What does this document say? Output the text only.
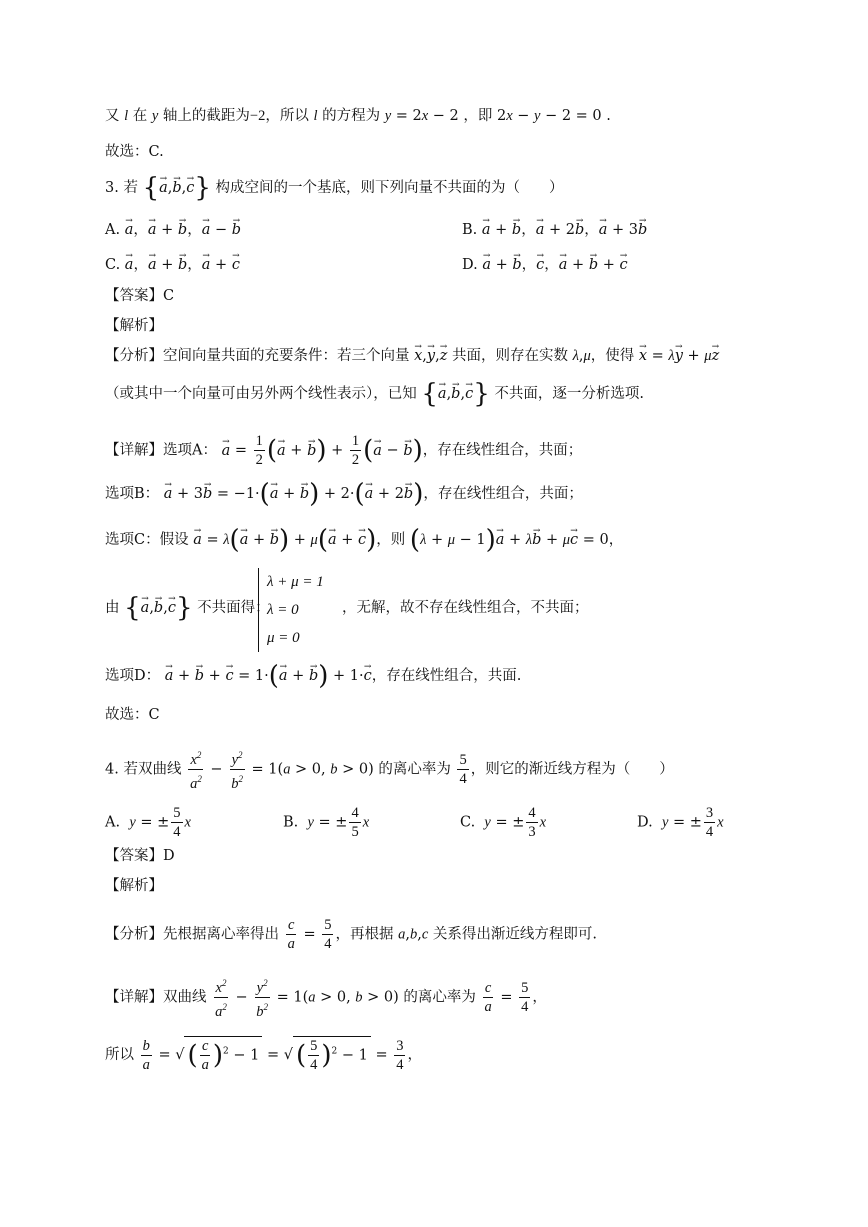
又 l 在 y 轴上的截距为−2，所以 l 的方程为 y = 2x − 2 ，即 2x − y − 2 = 0 .
故选：C.
3. 若 {→ a,→ b,→ c} 构成空间的一个基底，则下列向量不共面的为（　　）
A. → a，→ a + → b，→ a − → b	B. → a + → b，→ a + 2→ b，→ a + 3→ b
C. → a，→ a + → b，→ a + → c	D. → a + → b，→ c，→ a + → b + → c
【答案】C
【解析】
【分析】空间向量共面的充要条件：若三个向量 → x,→ y,→ z 共面，则存在实数 λ,μ，使得 → x = λ→ y + μ→ z
（或其中一个向量可由另外两个线性表示），已知 {→ a,→ b,→ c} 不共面，逐一分析选项.
【详解】选项A： → $a = \frac{1}{2}$ (→ a + → $b) + \frac{1}{2}$ (→ a − → b)，存在线性组合，共面；
选项B： → a + 3→ b = −1·(→ a + → b) + 2·(→ a + 2→ b)，存在线性组合，共面；
选项C：假设 → a = λ(→ a + → b) + μ(→ a + → c)，则 (λ + μ − 1)→ a + λ→ b + μ→ c = 0，
由 {→ a,→ b,→ c} 不共面得：
λ + μ = 1
λ = 0
μ = 0
，无解，故不存在线性组合，不共面；
选项D： → a + → b + → c = 1·(→ a + → b) + 1·→ c，存在线性组合，共面.
故选：C
4. 若双曲线 $\frac{x^2}{a^2} - \frac{y^2}{b^2} = 1(a > 0$, b > 0) 的离心率为 $\frac{5}{4}$ ，则它的渐近线方程为（　　）
A.  y = ± $\frac{5}{4}$ x	B.  y = ± $\frac{4}{5}$ x	C.  y = ± $\frac{4}{3}$ x	D.  y = ± $\frac{3}{4}$ x
【答案】D
【解析】
【分析】先根据离心率得出 $\frac{c}{a} = \frac{5}{4}$ ，再根据 a,b,c 关系得出渐近线方程即可.
【详解】双曲线 $\frac{x^2}{a^2} - \frac{y^2}{b^2} = 1(a > 0$, b > 0) 的离心率为 $\frac{c}{a} = \frac{5}{4}$ ，
所以 $\frac{b}{a}$ = √ ( $\frac{c}{a} )^2 - 1$ = √ ( $\frac{5}{4} )^2 - 1 = \frac{3}{4}$ ，
